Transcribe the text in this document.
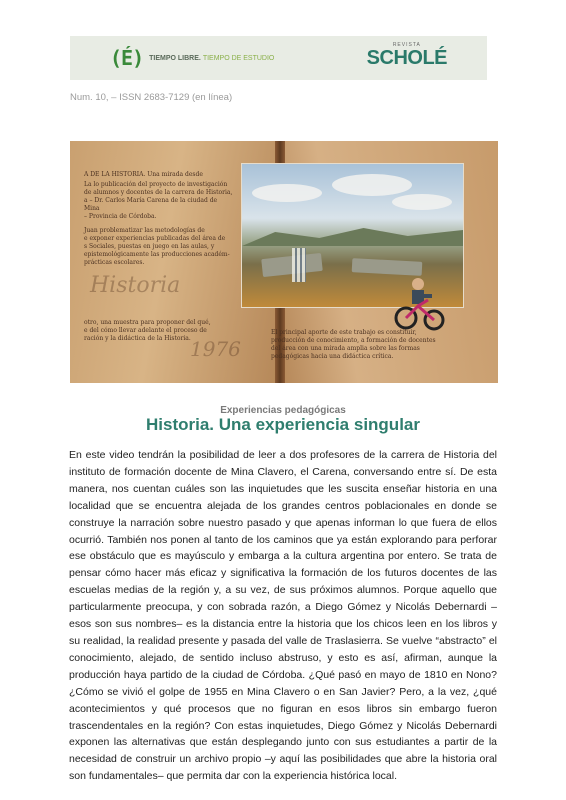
(É) TIEMPO LIBRE. TIEMPO DE ESTUDIO
REVISTA
SCHOLÉ
Num. 10, – ISSN 2683-7129 (en línea)
A DE LA HISTORIA. Una mirada desde
La lo publicación del proyecto de investigación
de alumnos y docentes de la carrera de Historia,
a – Dr. Carlos María Carena de la ciudad de Mina
– Provincia de Córdoba.
Juan problematizar las metodologías de
e exponer experiencias publicadas del área de
s Sociales, puestas en juego en las aulas, y
epistemológicamente las producciones académ-
prácticas escolares.
Historia
otro, una muestra para proponer del qué,
e del cómo llevar adelante el proceso de
ración y la didáctica de la Historia. 1976
El principal aporte de este trabajo es constituir,
producción de conocimiento, a formación de docentes
del área con una mirada amplia sobre las formas
pedagógicas hacia una didáctica crítica.
Experiencias pedagógicas
Historia. Una experiencia singular
En este video tendrán la posibilidad de leer a dos profesores de la carrera de Historia del instituto de formación docente de Mina Clavero, el Carena, conversando entre sí. De esta manera, nos cuentan cuáles son las inquietudes que les suscita enseñar historia en una localidad que se encuentra alejada de los grandes centros poblacionales en donde se construye la narración sobre nuestro pasado y que apenas informan lo que fuera de ellos ocurrió. También nos ponen al tanto de los caminos que ya están explorando para perforar ese obstáculo que es mayúsculo y embarga a la cultura argentina por entero. Se trata de pensar cómo hacer más eficaz y significativa la formación de los futuros docentes de las escuelas medias de la región y, a su vez, de sus próximos alumnos. Porque aquello que particularmente preocupa, y con sobrada razón, a Diego Gómez y Nicolás Debernardi –esos son sus nombres– es la distancia entre la historia que los chicos leen en los libros y su realidad, la realidad presente y pasada del valle de Traslasierra. Se vuelve “abstracto” el conocimiento, alejado, de sentido incluso abstruso, y esto es así, afirman, aunque la producción haya partido de la ciudad de Córdoba. ¿Qué pasó en mayo de 1810 en Nono? ¿Cómo se vivió el golpe de 1955 en Mina Clavero o en San Javier? Pero, a la vez, ¿qué acontecimientos y qué procesos que no figuran en esos libros sin embargo fueron trascendentales en la región? Con estas inquietudes, Diego Gómez y Nicolás Debernardi exponen las alternativas que están desplegando junto con sus estudiantes a partir de la necesidad de construir un archivo propio –y aquí las posibilidades que abre la historia oral son fundamentales– que permita dar con la experiencia histórica local.
